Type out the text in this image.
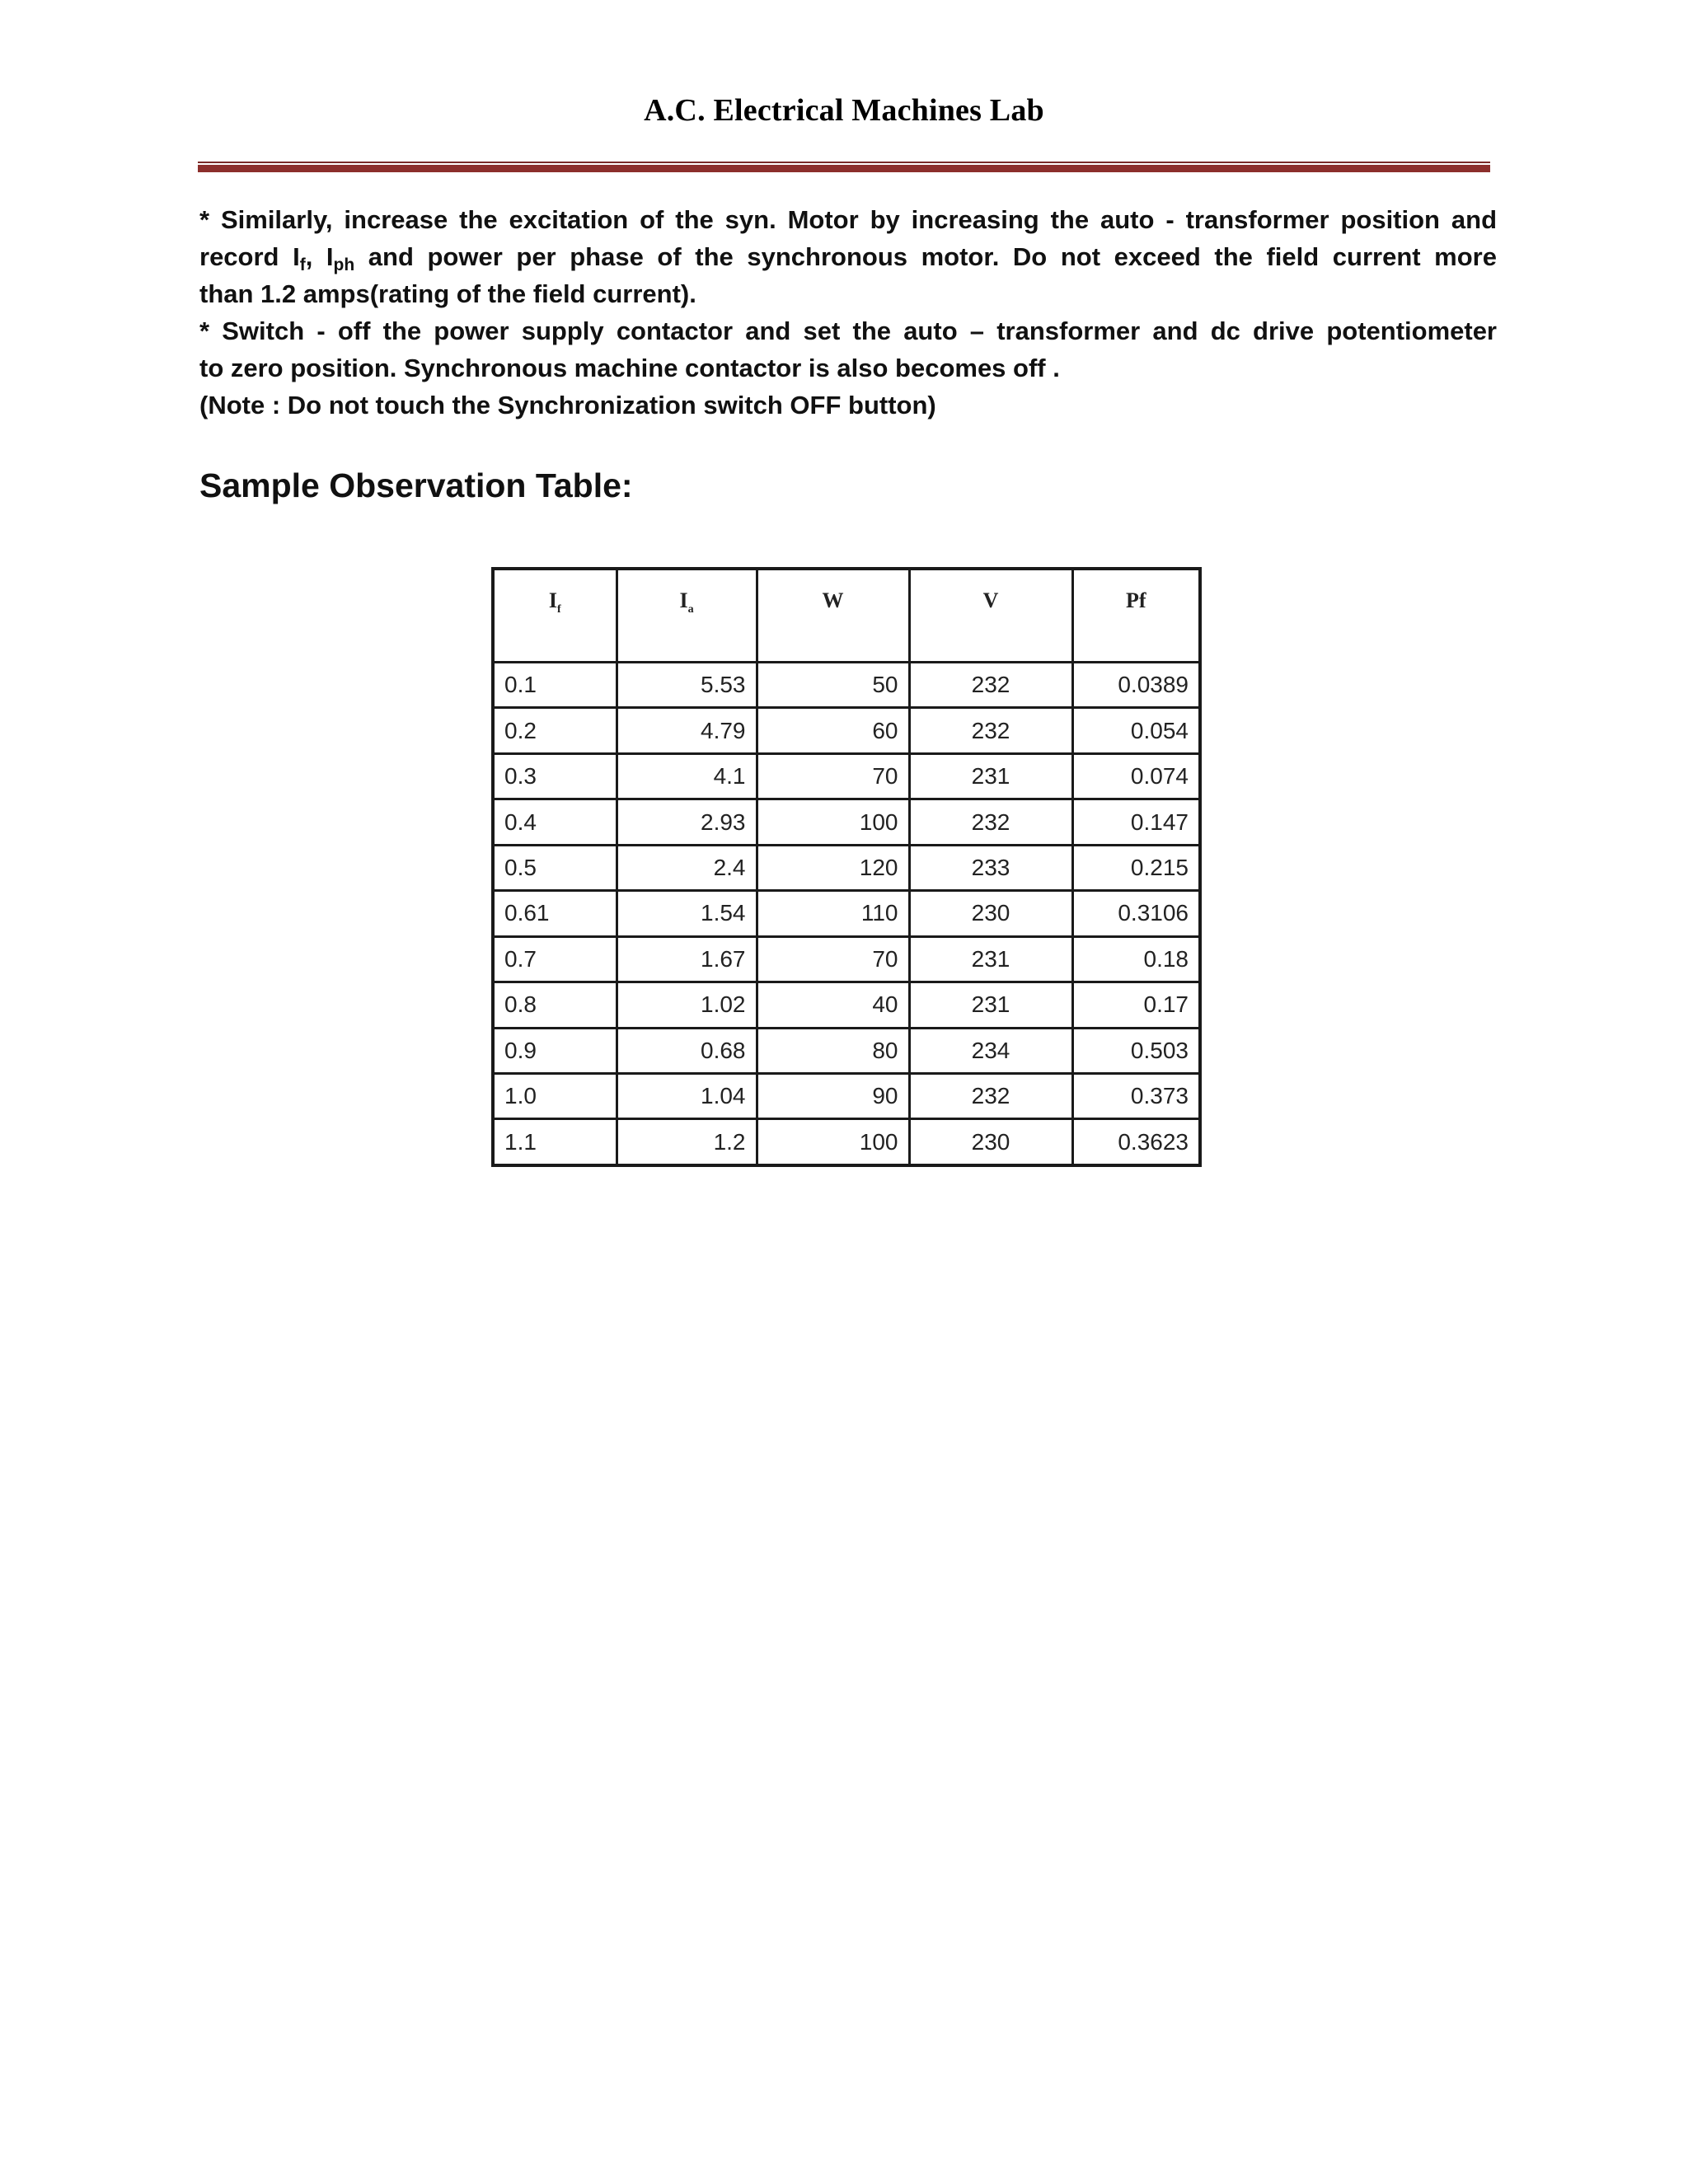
A.C. Electrical Machines Lab

* Similarly, increase the excitation of the syn. Motor by increasing the auto - transformer position and

record $I_f$, $I_{ph}$ and power per phase of the synchronous motor. Do not exceed the field current more

than 1.2 amps(rating of the field current).

* Switch - off the power supply contactor and set the auto – transformer and dc drive potentiometer

to zero position. Synchronous machine contactor is also becomes off .

(Note : Do not touch the Synchronization switch OFF button)

Sample Observation Table:
$I_f$	$I_a$	W	V	Pf
0.1	5.53	50	232	0.0389
0.2	4.79	60	232	0.054
0.3	4.1	70	231	0.074
0.4	2.93	100	232	0.147
0.5	2.4	120	233	0.215
0.61	1.54	110	230	0.3106
0.7	1.67	70	231	0.18
0.8	1.02	40	231	0.17
0.9	0.68	80	234	0.503
1.0	1.04	90	232	0.373
1.1	1.2	100	230	0.3623
